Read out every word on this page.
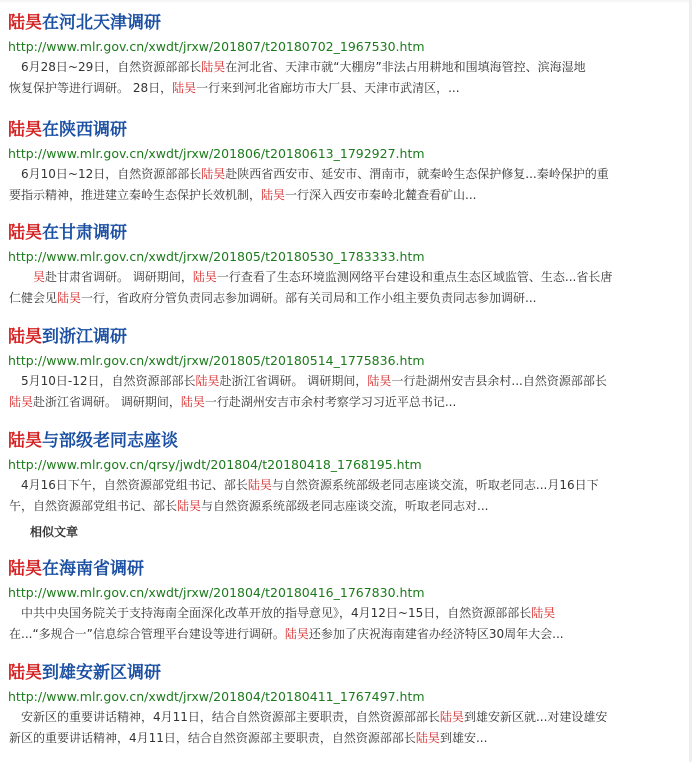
陆昊在河北天津调研
http://www.mlr.gov.cn/xwdt/jrxw/201807/t20180702_1967530.htm
　6月28日~29日，自然资源部部长陆昊在河北省、天津市就“大棚房”非法占用耕地和围填海管控、滨海湿地
恢复保护等进行调研。 28日，陆昊一行来到河北省廊坊市大厂县、天津市武清区，...
陆昊在陕西调研
http://www.mlr.gov.cn/xwdt/jrxw/201806/t20180613_1792927.htm
　6月10日~12日，自然资源部部长陆昊赴陕西省西安市、延安市、渭南市，就秦岭生态保护修复...秦岭保护的重
要指示精神，推进建立秦岭生态保护长效机制，陆昊一行深入西安市秦岭北麓查看矿山...
陆昊在甘肃调研
http://www.mlr.gov.cn/xwdt/jrxw/201805/t20180530_1783333.htm
　　昊赴甘肃省调研。 调研期间，陆昊一行查看了生态环境监测网络平台建设和重点生态区域监管、生态...省长唐
仁健会见陆昊一行，省政府分管负责同志参加调研。部有关司局和工作小组主要负责同志参加调研...
陆昊到浙江调研
http://www.mlr.gov.cn/xwdt/jrxw/201805/t20180514_1775836.htm
　5月10日-12日，自然资源部部长陆昊赴浙江省调研。 调研期间，陆昊一行赴湖州安吉县余村...自然资源部部长
陆昊赴浙江省调研。 调研期间，陆昊一行赴湖州安吉市余村考察学习习近平总书记...
陆昊与部级老同志座谈
http://www.mlr.gov.cn/qrsy/jwdt/201804/t20180418_1768195.htm
　4月16日下午，自然资源部党组书记、部长陆昊与自然资源系统部级老同志座谈交流，听取老同志...月16日下
午，自然资源部党组书记、部长陆昊与自然资源系统部级老同志座谈交流，听取老同志对...
相似文章
陆昊在海南省调研
http://www.mlr.gov.cn/xwdt/jrxw/201804/t20180416_1767830.htm
　中共中央国务院关于支持海南全面深化改革开放的指导意见》，4月12日~15日，自然资源部部长陆昊
在...“多规合一”信息综合管理平台建设等进行调研。陆昊还参加了庆祝海南建省办经济特区30周年大会...
陆昊到雄安新区调研
http://www.mlr.gov.cn/xwdt/jrxw/201804/t20180411_1767497.htm
　安新区的重要讲话精神，4月11日，结合自然资源部主要职责，自然资源部部长陆昊到雄安新区就...对建设雄安
新区的重要讲话精神，4月11日，结合自然资源部主要职责，自然资源部部长陆昊到雄安...
